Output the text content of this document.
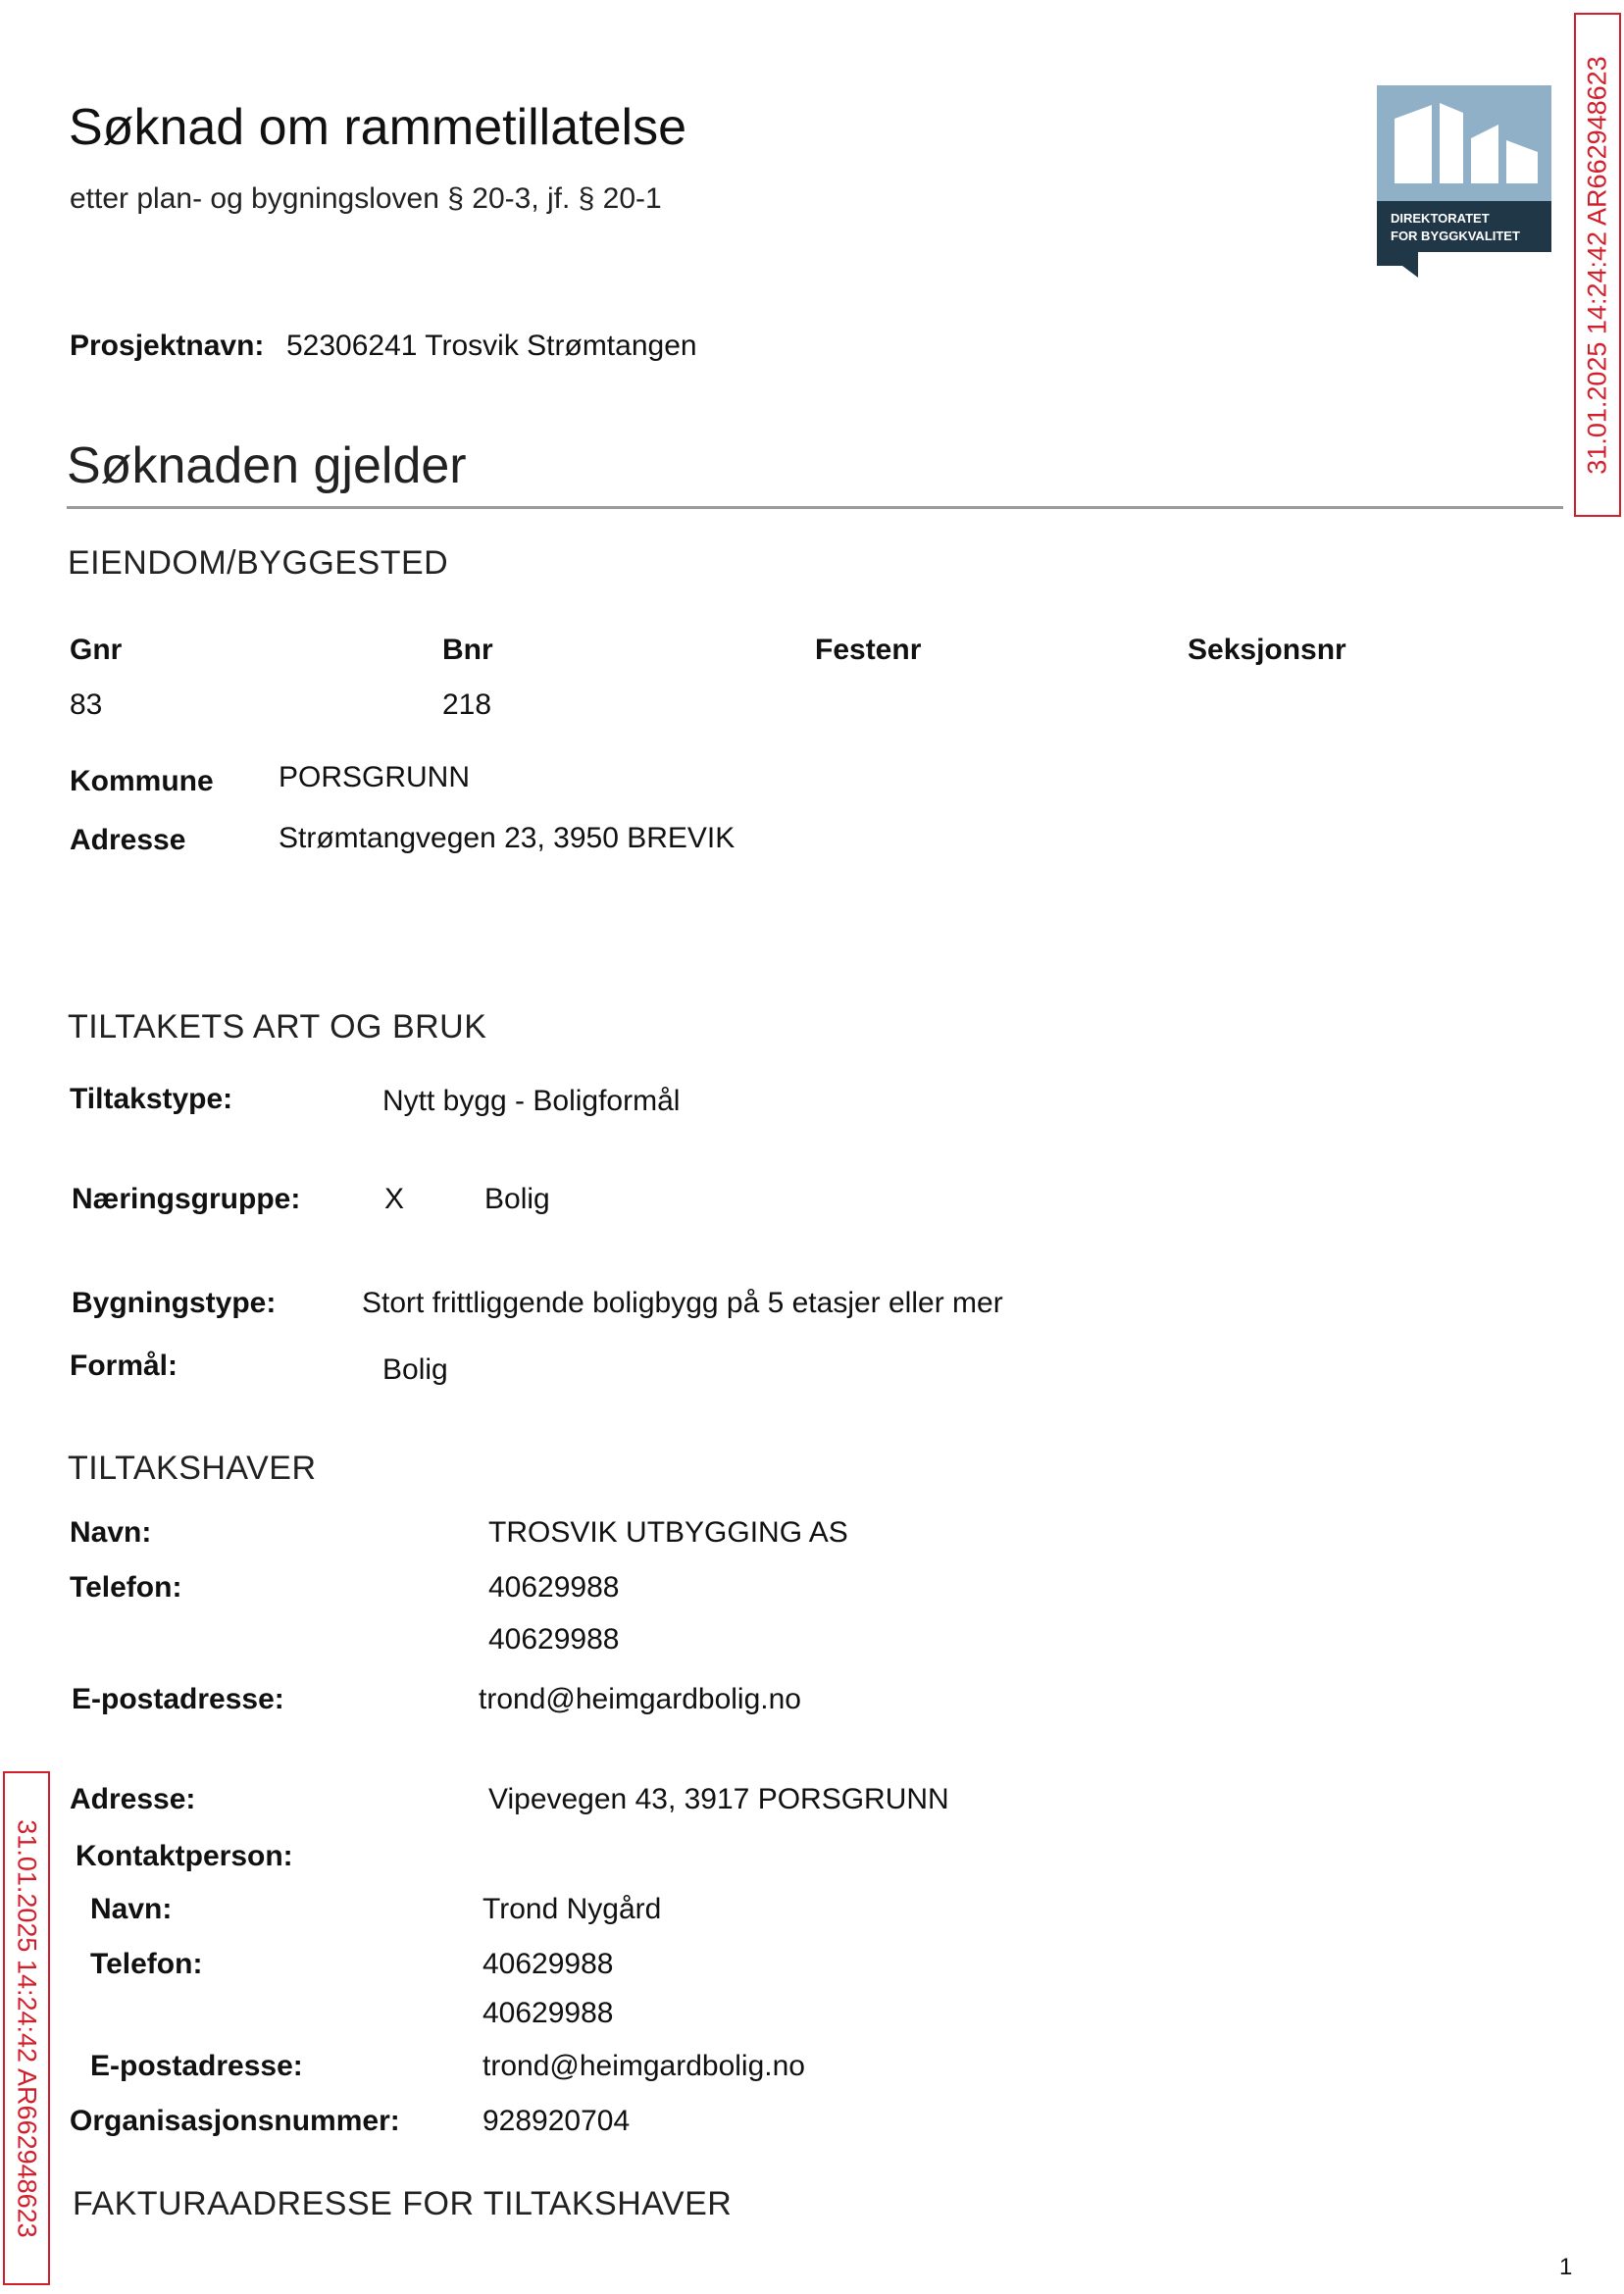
Søknad om rammetillatelse
etter plan- og bygningsloven § 20-3, jf. § 20-1
DIREKTORATET
FOR BYGGKVALITET 31.01.2025 14:24:42 AR662948623
31.01.2025 14:24:42 AR662948623
Prosjektnavn: 52306241 Trosvik Strømtangen
Søknaden gjelder
EIENDOM/BYGGESTED
Gnr	Bnr	Festenr	Seksjonsnr
83	218
Kommune PORSGRUNN
Adresse	Strømtangvegen 23, 3950 BREVIK
TILTAKETS ART OG BRUK
Tiltakstype:	Nytt bygg - Boligformål
Næringsgruppe:	X	Bolig
Bygningstype:	Stort frittliggende boligbygg på 5 etasjer eller mer
Formål:	Bolig
TILTAKSHAVER
Navn:	TROSVIK UTBYGGING AS
Telefon:	40629988
40629988
E-postadresse:	trond@heimgardbolig.no
Adresse:	Vipevegen 43, 3917 PORSGRUNN
Kontaktperson:
Navn:	Trond Nygård
Telefon:	40629988
40629988
E-postadresse:	trond@heimgardbolig.no
Organisasjonsnummer:	928920704
FAKTURAADRESSE FOR TILTAKSHAVER
1
